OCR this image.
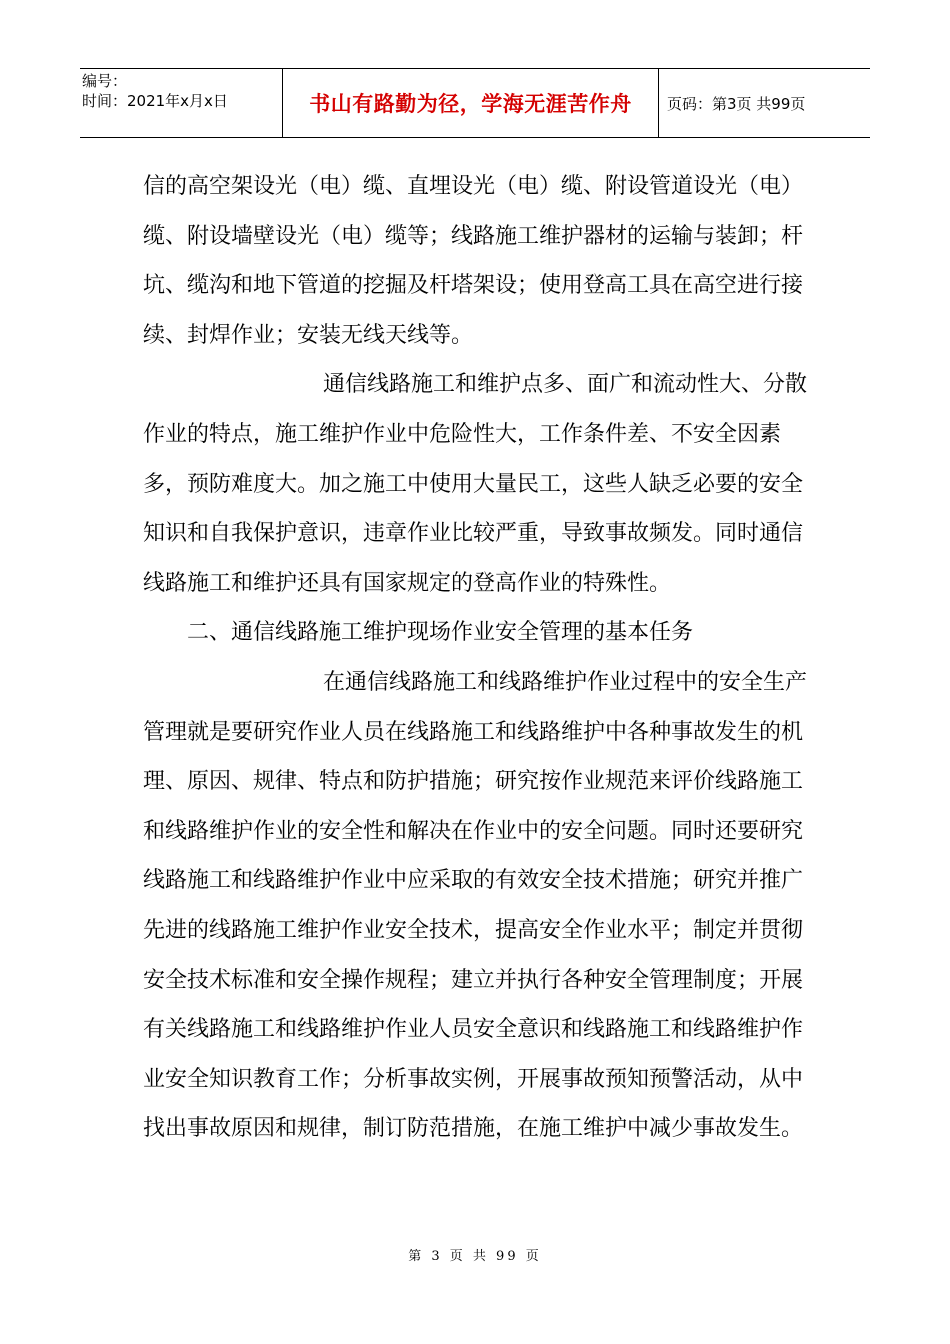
编号：
时间：2021年x月x日	书山有路勤为径，学海无涯苦作舟	页码：第3页 共99页

信的高空架设光（电）缆、直埋设光（电）缆、附设管道设光（电）缆、附设墙壁设光（电）缆等；线路施工维护器材的运输与装卸；杆坑、缆沟和地下管道的挖掘及杆塔架设；使用登高工具在高空进行接续、封焊作业；安装无线天线等。

通信线路施工和维护点多、面广和流动性大、分散作业的特点，施工维护作业中危险性大，工作条件差、不安全因素多，预防难度大。加之施工中使用大量民工，这些人缺乏必要的安全知识和自我保护意识，违章作业比较严重，导致事故频发。同时通信线路施工和维护还具有国家规定的登高作业的特殊性。

二、通信线路施工维护现场作业安全管理的基本任务

在通信线路施工和线路维护作业过程中的安全生产管理就是要研究作业人员在线路施工和线路维护中各种事故发生的机理、原因、规律、特点和防护措施；研究按作业规范来评价线路施工和线路维护作业的安全性和解决在作业中的安全问题。同时还要研究线路施工和线路维护作业中应采取的有效安全技术措施；研究并推广先进的线路施工维护作业安全技术，提高安全作业水平；制定并贯彻安全技术标准和安全操作规程；建立并执行各种安全管理制度；开展有关线路施工和线路维护作业人员安全意识和线路施工和线路维护作业安全知识教育工作；分析事故实例，开展事故预知预警活动，从中找出事故原因和规律，制订防范措施，在施工维护中减少事故发生。

第 3 页 共 99 页
